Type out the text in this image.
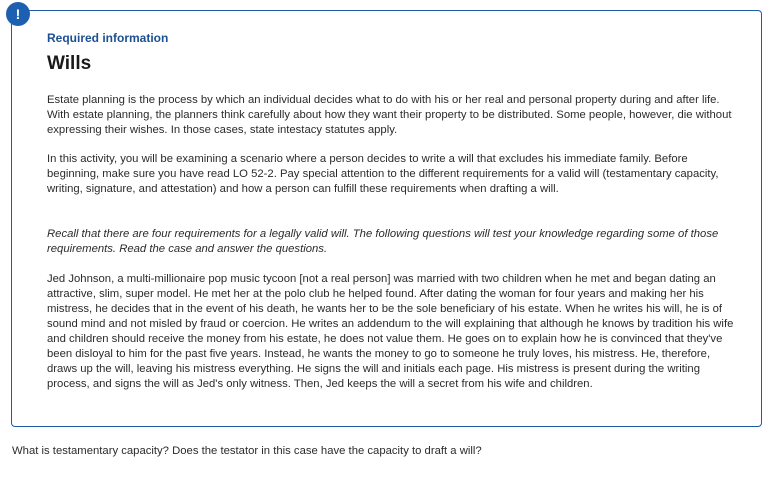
!
Required information
Wills

Estate planning is the process by which an individual decides what to do with his or her real and personal property during and after life. With estate planning, the planners think carefully about how they want their property to be distributed. Some people, however, die without expressing their wishes. In those cases, state intestacy statutes apply.

In this activity, you will be examining a scenario where a person decides to write a will that excludes his immediate family. Before beginning, make sure you have read LO 52-2. Pay special attention to the different requirements for a valid will (testamentary capacity, writing, signature, and attestation) and how a person can fulfill these requirements when drafting a will.

Recall that there are four requirements for a legally valid will. The following questions will test your knowledge regarding some of those requirements. Read the case and answer the questions.

Jed Johnson, a multi-millionaire pop music tycoon [not a real person] was married with two children when he met and began dating an attractive, slim, super model. He met her at the polo club he helped found. After dating the woman for four years and making her his mistress, he decides that in the event of his death, he wants her to be the sole beneficiary of his estate. When he writes his will, he is of sound mind and not misled by fraud or coercion. He writes an addendum to the will explaining that although he knows by tradition his wife and children should receive the money from his estate, he does not value them. He goes on to explain how he is convinced that they've been disloyal to him for the past five years. Instead, he wants the money to go to someone he truly loves, his mistress. He, therefore, draws up the will, leaving his mistress everything. He signs the will and initials each page. His mistress is present during the writing process, and signs the will as Jed's only witness. Then, Jed keeps the will a secret from his wife and children.

What is testamentary capacity? Does the testator in this case have the capacity to draft a will?
